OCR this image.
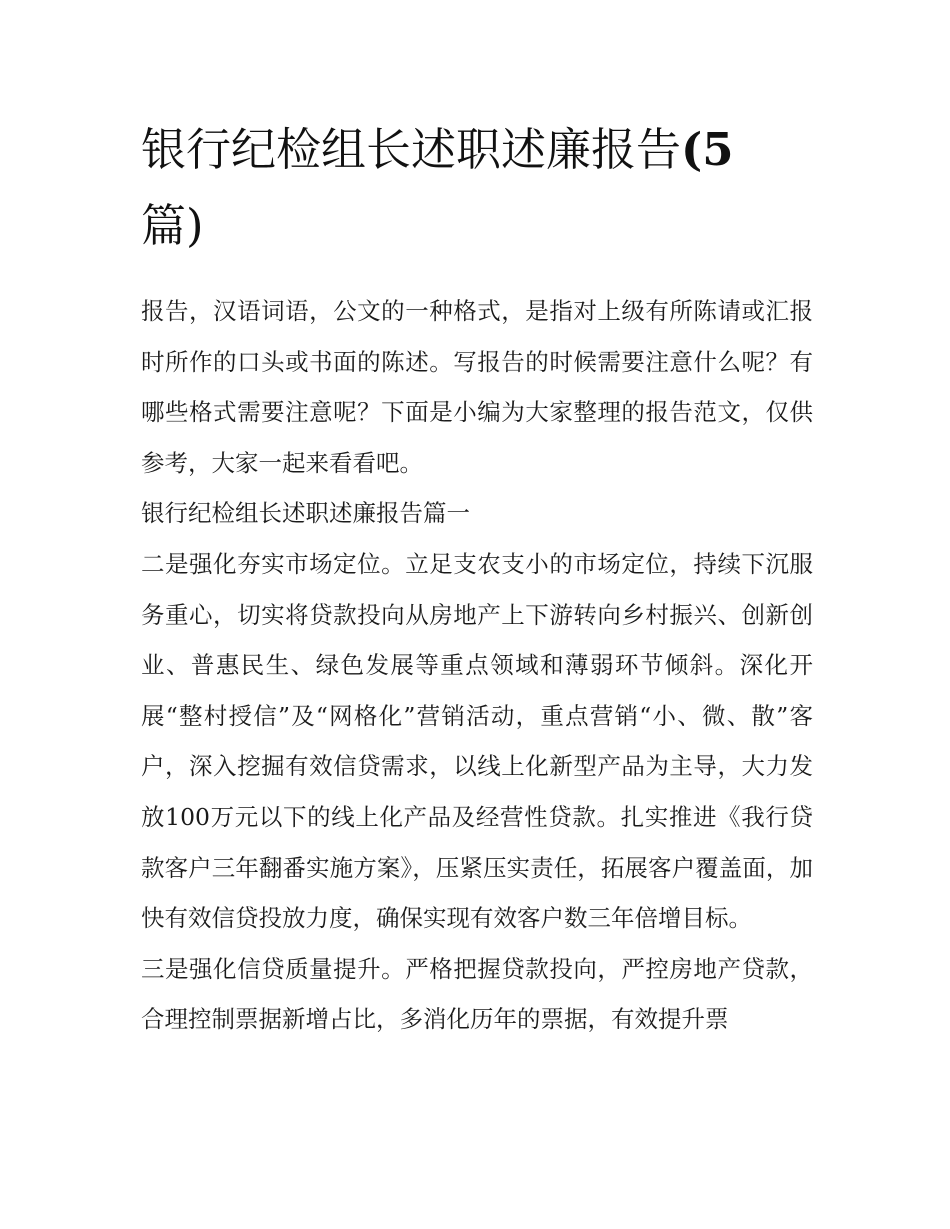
银行纪检组长述职述廉报告(5
篇)

报告，汉语词语，公文的一种格式，是指对上级有所陈请或汇报时所作的口头或书面的陈述。写报告的时候需要注意什么呢？有哪些格式需要注意呢？下面是小编为大家整理的报告范文，仅供参考，大家一起来看看吧。

银行纪检组长述职述廉报告篇一

二是强化夯实市场定位。立足支农支小的市场定位，持续下沉服务重心，切实将贷款投向从房地产上下游转向乡村振兴、创新创业、普惠民生、绿色发展等重点领域和薄弱环节倾斜。深化开展“整村授信”及“网格化”营销活动，重点营销“小、微、散”客户，深入挖掘有效信贷需求，以线上化新型产品为主导，大力发放100万元以下的线上化产品及经营性贷款。扎实推进《我行贷款客户三年翻番实施方案》，压紧压实责任，拓展客户覆盖面，加快有效信贷投放力度，确保实现有效客户数三年倍增目标。

三是强化信贷质量提升。严格把握贷款投向，严控房地产贷款，合理控制票据新增占比，多消化历年的票据，有效提升票
